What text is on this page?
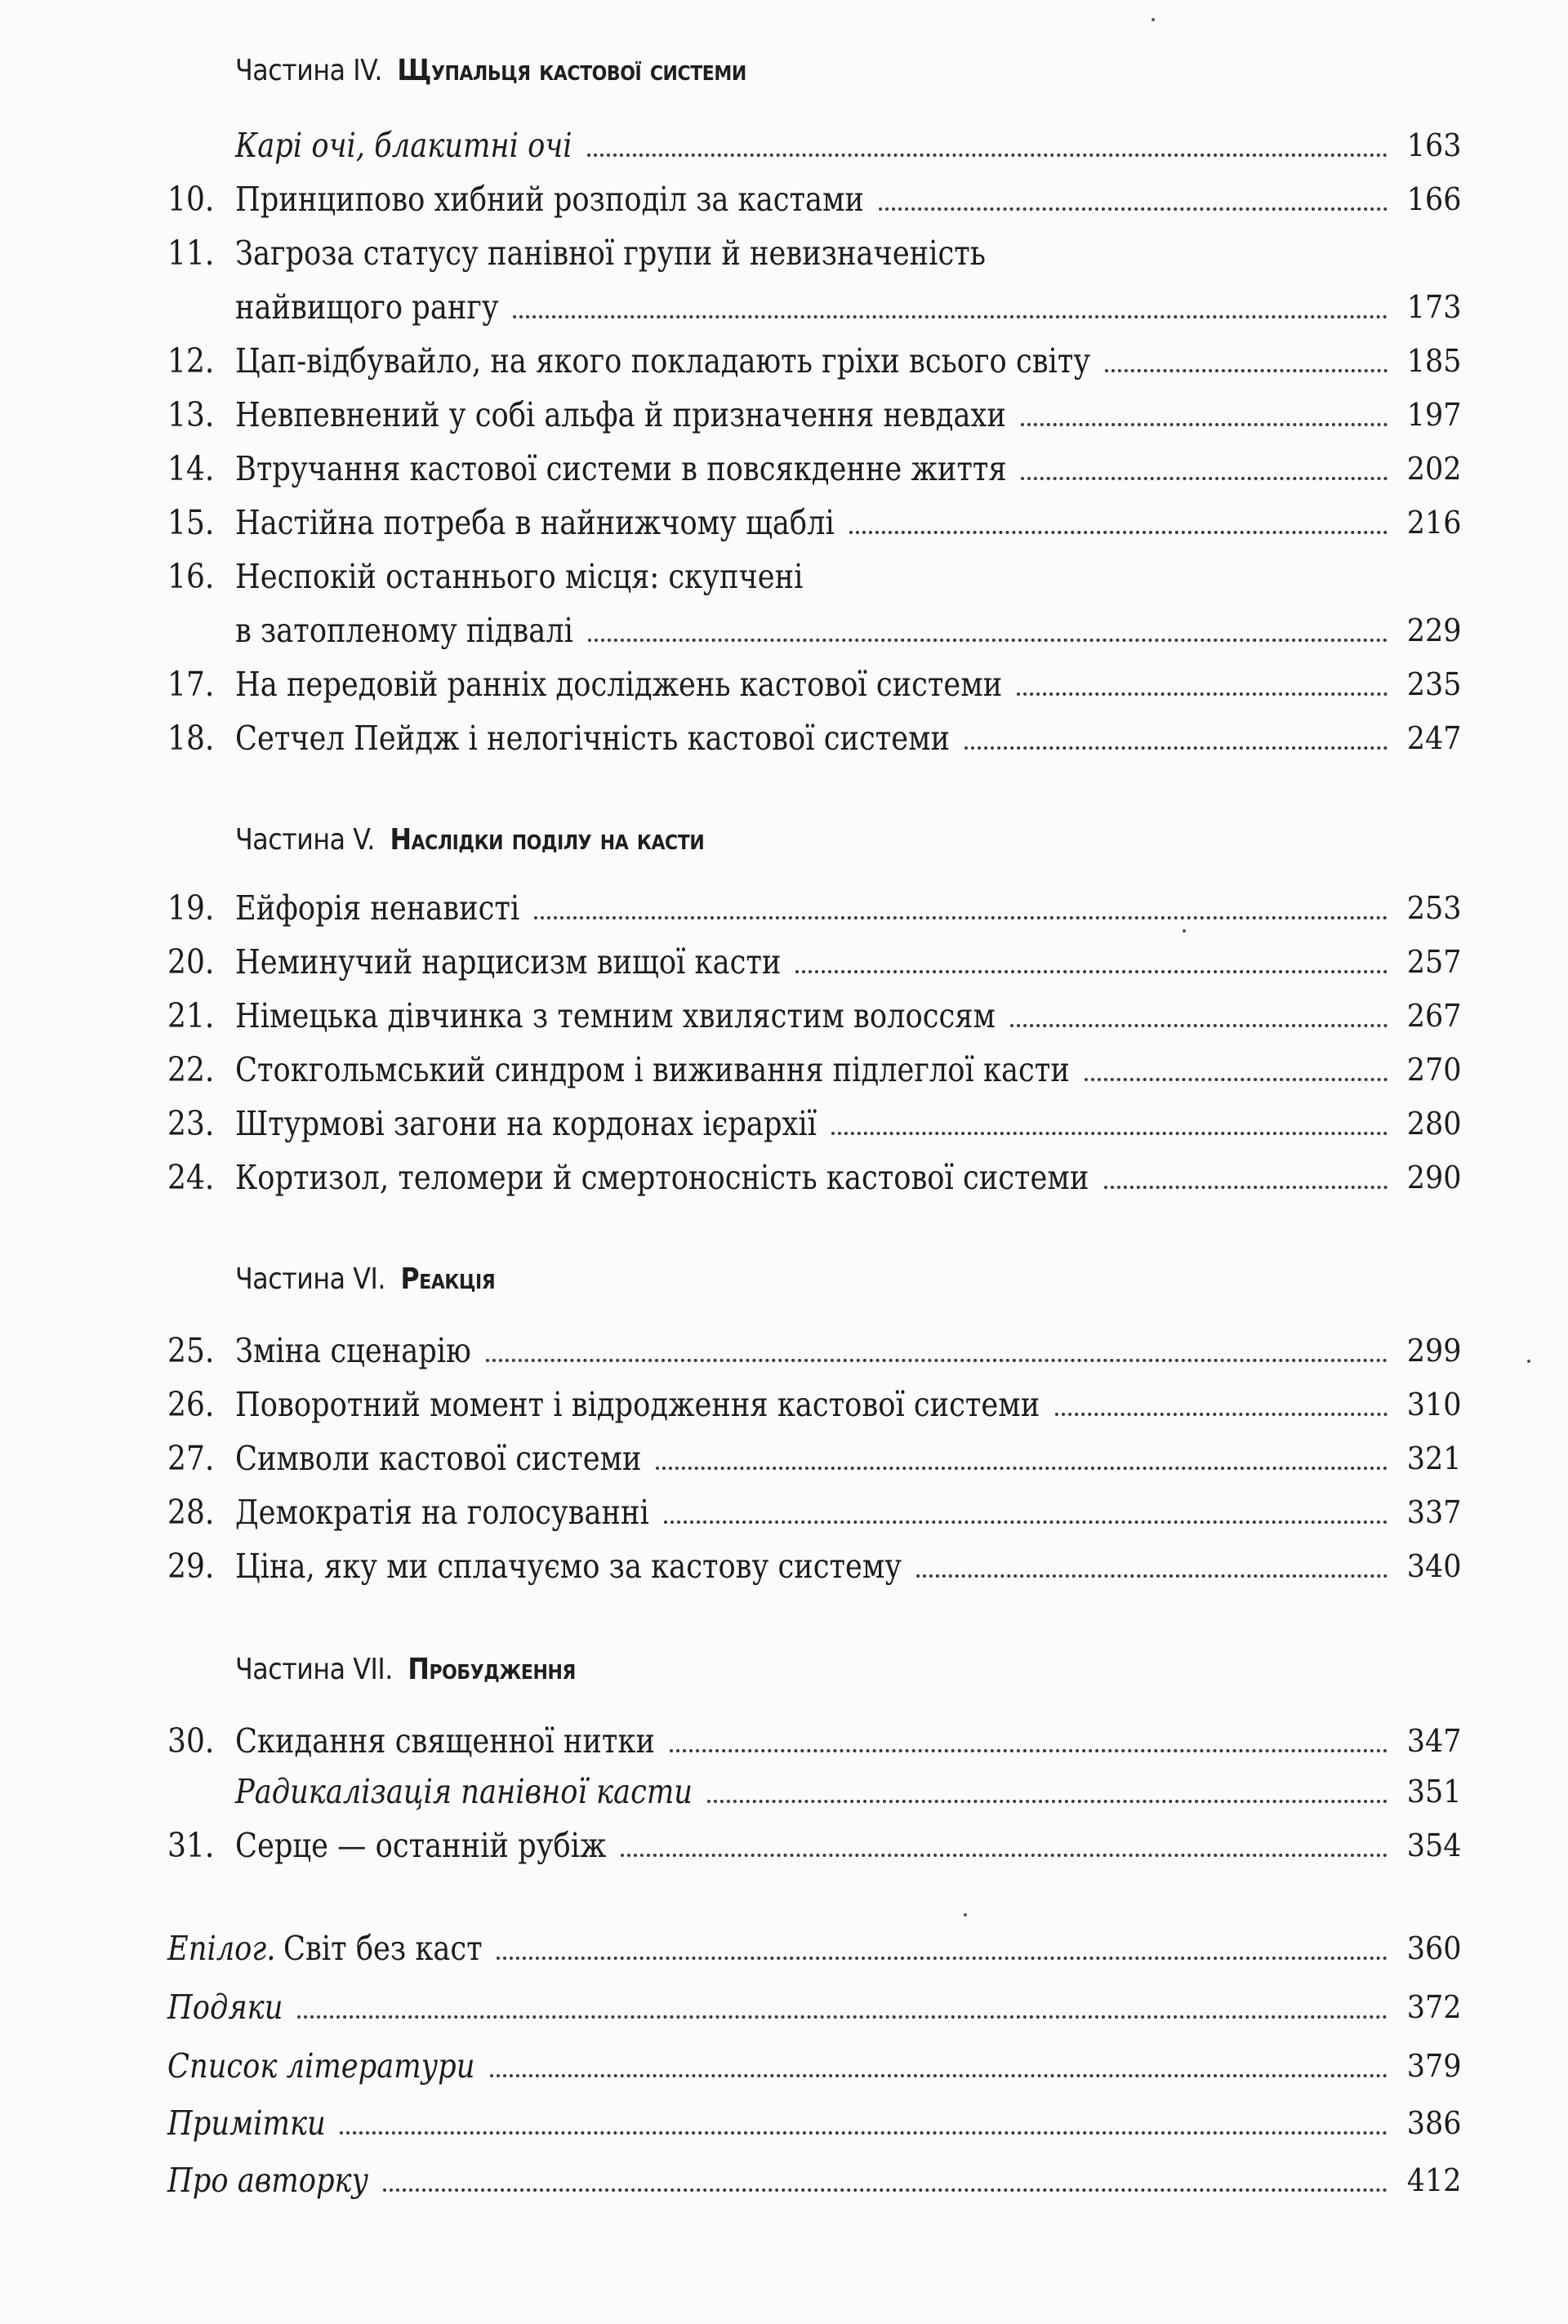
Частина IV. Щупальця кастової системи
Карі очі, блакитні очі	163
10. Принципово хибний розподіл за кастами	166
11. Загроза статусу панівної групи й невизначеність
найвищого рангу	173
12. Цап-відбувайло, на якого покладають гріхи всього світу	185
13. Невпевнений у собі альфа й призначення невдахи	197
14. Втручання кастової системи в повсякденне життя	202
15. Настійна потреба в найнижчому щаблі	216
16. Неспокій останнього місця: скупчені
в затопленому підвалі	229
17. На передовій ранніх досліджень кастової системи	235
18. Сетчел Пейдж і нелогічність кастової системи	247
Частина V. Наслідки поділу на касти
19. Ейфорія ненависті	253
20. Неминучий нарцисизм вищої касти	257
21. Німецька дівчинка з темним хвилястим волоссям	267
22. Стокгольмський синдром і виживання підлеглої касти	270
23. Штурмові загони на кордонах ієрархії	280
24. Кортизол, теломери й смертоносність кастової системи	290
Частина VI. Реакція
25. Зміна сценарію	299
26. Поворотний момент і відродження кастової системи	310
27. Символи кастової системи	321
28. Демократія на голосуванні	337
29. Ціна, яку ми сплачуємо за кастову систему	340
Частина VII. Пробудження
30. Скидання священної нитки	347
Радикалізація панівної касти	351
31. Серце — останній рубіж	354
Епілог. Світ без каст	360
Подяки	372
Список літератури	379
Примітки	386
Про авторку	412
